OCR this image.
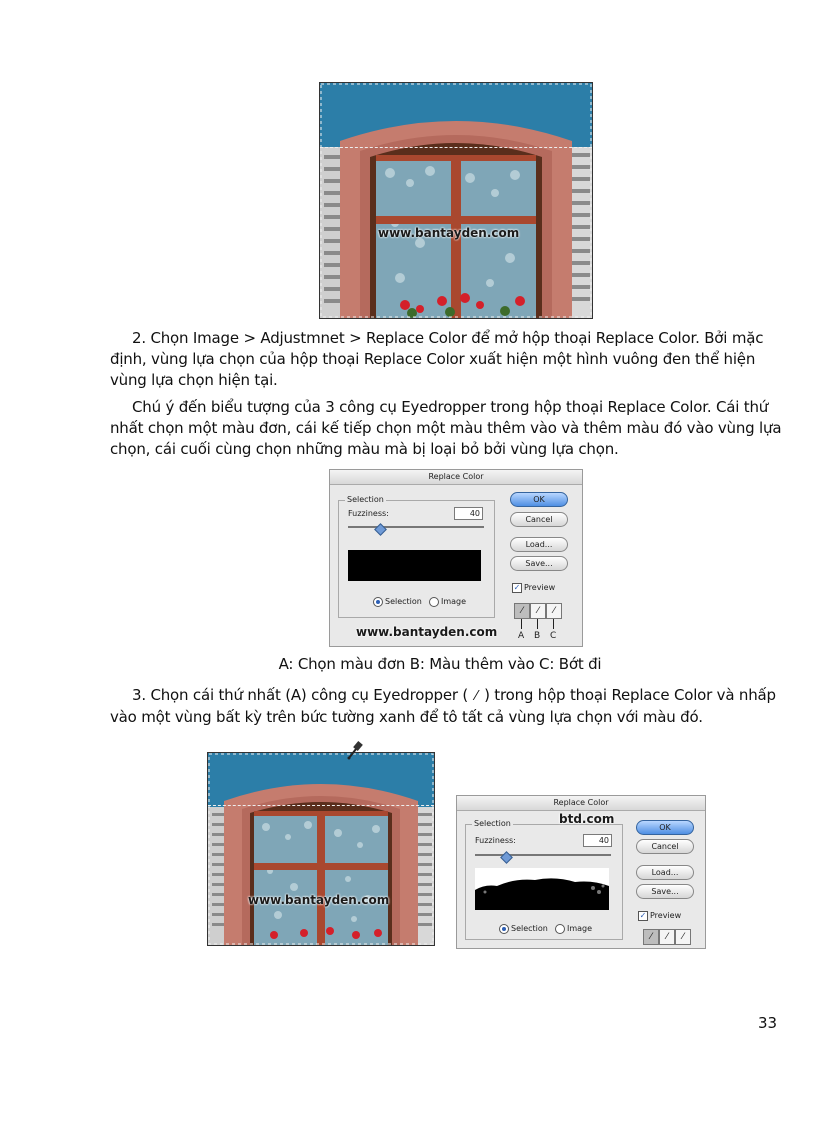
www.bantayden.com
2. Chọn Image > Adjustmnet > Replace Color để mở hộp thoại Replace Color. Bởi mặc định, vùng lựa chọn của hộp thoại Replace Color xuất hiện một hình vuông đen thể hiện vùng lựa chọn hiện tại.
Chú ý đến biểu tượng của 3 công cụ Eyedropper trong hộp thoại Replace Color. Cái thứ nhất chọn một màu đơn, cái kế tiếp chọn một màu thêm vào và thêm màu đó vào vùng lựa chọn, cái cuối cùng chọn những màu mà bị loại bỏ bởi vùng lựa chọn.
Replace Color
Selection
Fuzziness:	40
Selection Image
OK
Cancel
Load...
Save...
✓ Preview
⁄	⁄	⁄
A B C
www.bantayden.com
A: Chọn màu đơn B: Màu thêm vào C: Bớt đi
3. Chọn cái thứ nhất (A) công cụ Eyedropper ( ⁄ ) trong hộp thoại Replace Color và nhấp vào một vùng bất kỳ trên bức tường xanh để tô tất cả vùng lựa chọn với màu đó.
www.bantayden.com
Replace Color
Selection	btd.com
Fuzziness:	40
Selection Image
OK
Cancel
Load...
Save...
✓ Preview
⁄	⁄	⁄
33
